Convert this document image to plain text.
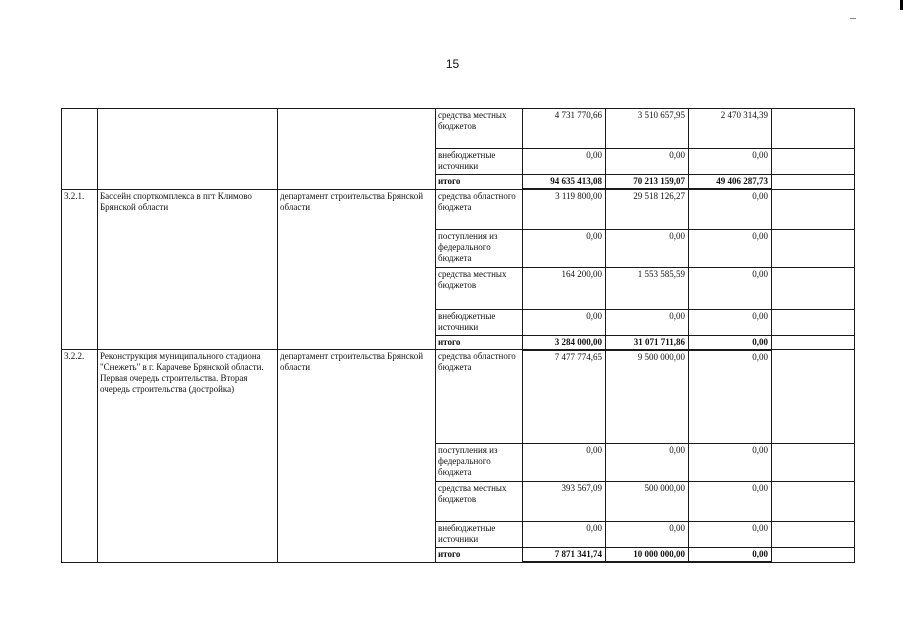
15
			средства местных бюджетов	4 731 770,66	3 510 657,95	2 470 314,39	
			внебюджетные источники	0,00	0,00	0,00	
			итого	94 635 413,08	70 213 159,07	49 406 287,73	
3.2.1.	Бассейн спорткомплекса в пгт Климово Брянской области	департамент строительства Брянской области	средства областного бюджета	3 119 800,00	29 518 126,27	0,00	
			поступления из федерального бюджета	0,00	0,00	0,00	
			средства местных бюджетов	164 200,00	1 553 585,59	0,00	
			внебюджетные источники	0,00	0,00	0,00	
			итого	3 284 000,00	31 071 711,86	0,00	
3.2.2.	Реконструкция муниципального стадиона "Снежеть" в г. Карачеве Брянской области. Первая очередь строительства. Вторая очередь строительства (достройка)	департамент строительства Брянской области	средства областного бюджета	7 477 774,65	9 500 000,00	0,00	
			поступления из федерального бюджета	0,00	0,00	0,00	
			средства местных бюджетов	393 567,09	500 000,00	0,00	
			внебюджетные источники	0,00	0,00	0,00	
			итого	7 871 341,74	10 000 000,00	0,00	
